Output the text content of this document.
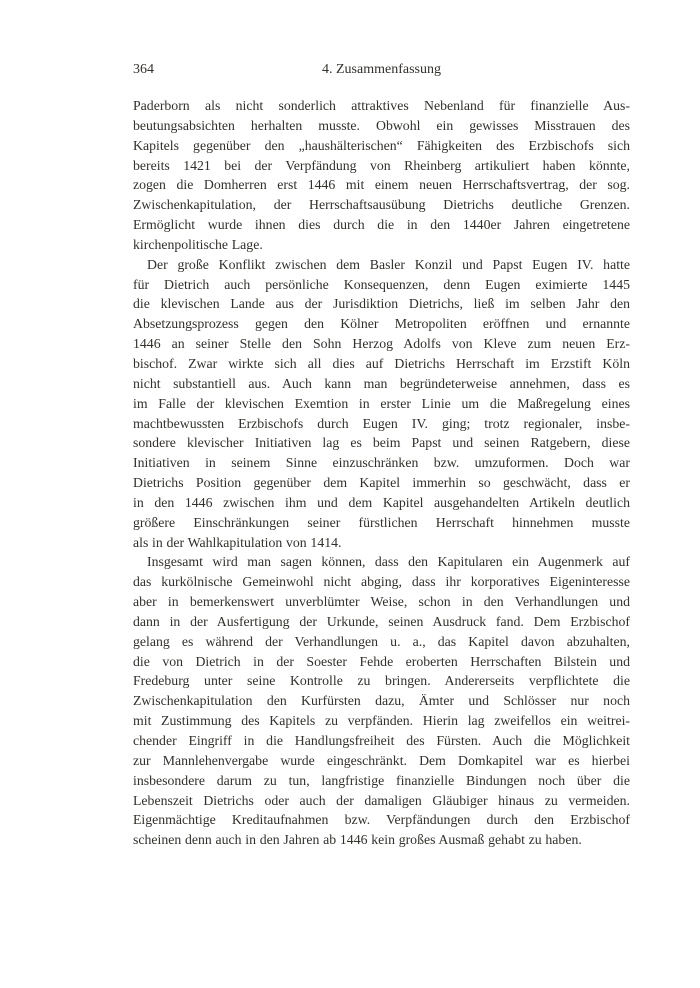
364	4. Zusammenfassung
Paderborn als nicht sonderlich attraktives Nebenland für finanzielle Aus-
beutungsabsichten herhalten musste. Obwohl ein gewisses Misstrauen des
Kapitels gegenüber den „haushälterischen“ Fähigkeiten des Erzbischofs sich
bereits 1421 bei der Verpfändung von Rheinberg artikuliert haben könnte,
zogen die Domherren erst 1446 mit einem neuen Herrschaftsvertrag, der sog.
Zwischenkapitulation, der Herrschaftsausübung Dietrichs deutliche Grenzen.
Ermöglicht wurde ihnen dies durch die in den 1440er Jahren eingetretene
kirchenpolitische Lage.
Der große Konflikt zwischen dem Basler Konzil und Papst Eugen IV. hatte
für Dietrich auch persönliche Konsequenzen, denn Eugen eximierte 1445
die klevischen Lande aus der Jurisdiktion Dietrichs, ließ im selben Jahr den
Absetzungsprozess gegen den Kölner Metropoliten eröffnen und ernannte
1446 an seiner Stelle den Sohn Herzog Adolfs von Kleve zum neuen Erz-
bischof. Zwar wirkte sich all dies auf Dietrichs Herrschaft im Erzstift Köln
nicht substantiell aus. Auch kann man begründeterweise annehmen, dass es
im Falle der klevischen Exemtion in erster Linie um die Maßregelung eines
machtbewussten Erzbischofs durch Eugen IV. ging; trotz regionaler, insbe-
sondere klevischer Initiativen lag es beim Papst und seinen Ratgebern, diese
Initiativen in seinem Sinne einzuschränken bzw. umzuformen. Doch war
Dietrichs Position gegenüber dem Kapitel immerhin so geschwächt, dass er
in den 1446 zwischen ihm und dem Kapitel ausgehandelten Artikeln deutlich
größere Einschränkungen seiner fürstlichen Herrschaft hinnehmen musste
als in der Wahlkapitulation von 1414.
Insgesamt wird man sagen können, dass den Kapitularen ein Augenmerk auf
das kurkölnische Gemeinwohl nicht abging, dass ihr korporatives Eigeninteresse
aber in bemerkenswert unverblümter Weise, schon in den Verhandlungen und
dann in der Ausfertigung der Urkunde, seinen Ausdruck fand. Dem Erzbischof
gelang es während der Verhandlungen u. a., das Kapitel davon abzuhalten,
die von Dietrich in der Soester Fehde eroberten Herrschaften Bilstein und
Fredeburg unter seine Kontrolle zu bringen. Andererseits verpflichtete die
Zwischenkapitulation den Kurfürsten dazu, Ämter und Schlösser nur noch
mit Zustimmung des Kapitels zu verpfänden. Hierin lag zweifellos ein weitrei-
chender Eingriff in die Handlungsfreiheit des Fürsten. Auch die Möglichkeit
zur Mannlehenvergabe wurde eingeschränkt. Dem Domkapitel war es hierbei
insbesondere darum zu tun, langfristige finanzielle Bindungen noch über die
Lebenszeit Dietrichs oder auch der damaligen Gläubiger hinaus zu vermeiden.
Eigenmächtige Kreditaufnahmen bzw. Verpfändungen durch den Erzbischof
scheinen denn auch in den Jahren ab 1446 kein großes Ausmaß gehabt zu haben.
